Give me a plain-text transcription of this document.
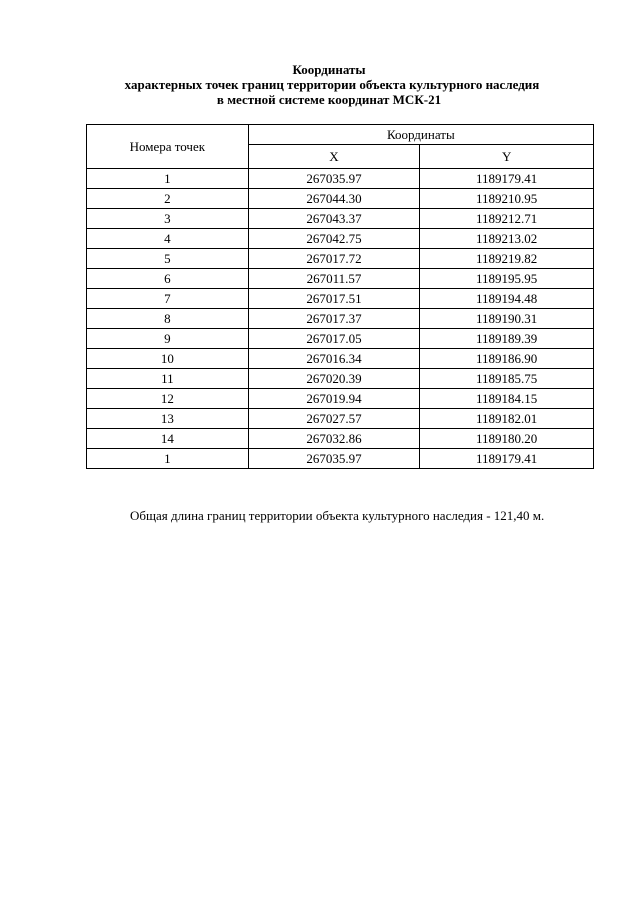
Координаты
характерных точек границ территории объекта культурного наследия
в местной системе координат МСК-21
Номера точек	Координаты	
	X	Y
1	267035.97	1189179.41
2	267044.30	1189210.95
3	267043.37	1189212.71
4	267042.75	1189213.02
5	267017.72	1189219.82
6	267011.57	1189195.95
7	267017.51	1189194.48
8	267017.37	1189190.31
9	267017.05	1189189.39
10	267016.34	1189186.90
11	267020.39	1189185.75
12	267019.94	1189184.15
13	267027.57	1189182.01
14	267032.86	1189180.20
1	267035.97	1189179.41
Общая длина границ территории объекта культурного наследия - 121,40 м.
